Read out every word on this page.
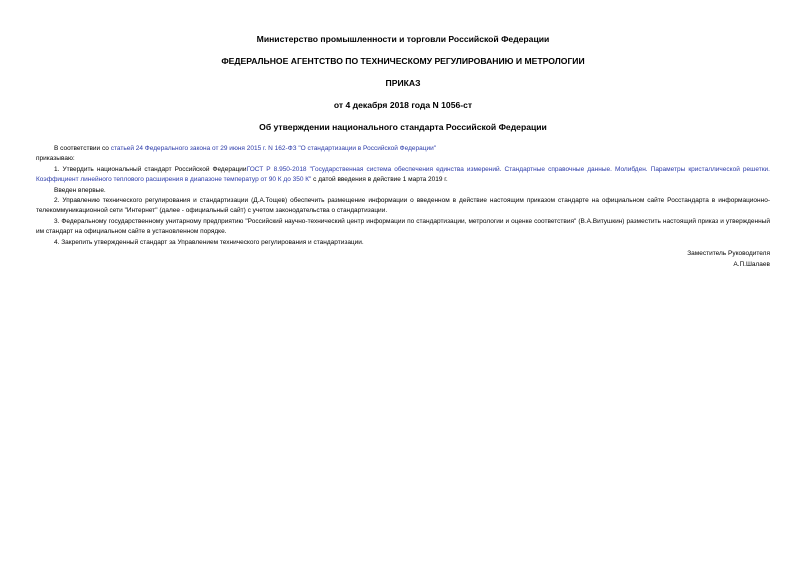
Министерство промышленности и торговли Российской Федерации
ФЕДЕРАЛЬНОЕ АГЕНТСТВО ПО ТЕХНИЧЕСКОМУ РЕГУЛИРОВАНИЮ И МЕТРОЛОГИИ
ПРИКАЗ
от 4 декабря 2018 года N 1056-ст
Об утверждении национального стандарта Российской Федерации

В соответствии со статьей 24 Федерального закона от 29 июня 2015 г. N 162-ФЗ "О стандартизации в Российской Федерации"

приказываю:

1. Утвердить национальный стандарт Российской ФедерацииГОСТ Р 8.950-2018 "Государственная система обеспечения единства измерений. Стандартные справочные данные. Молибден. Параметры кристаллической решетки. Коэффициент линейного теплового расширения в диапазоне температур от 90 К до 350 К" с датой введения в действие 1 марта 2019 г.

Введен впервые.

2. Управлению технического регулирования и стандартизации (Д.А.Тощев) обеспечить размещение информации о введенном в действие настоящим приказом стандарте на официальном сайте Росстандарта в информационно-телекоммуникационной сети "Интернет" (далее - официальный сайт) с учетом законодательства о стандартизации.

3. Федеральному государственному унитарному предприятию "Российский научно-технический центр информации по стандартизации, метрологии и оценке соответствия" (В.А.Витушкин) разместить настоящий приказ и утвержденный им стандарт на официальном сайте в установленном порядке.

4. Закрепить утвержденный стандарт за Управлением технического регулирования и стандартизации.

Заместитель Руководителя
А.П.Шалаев
